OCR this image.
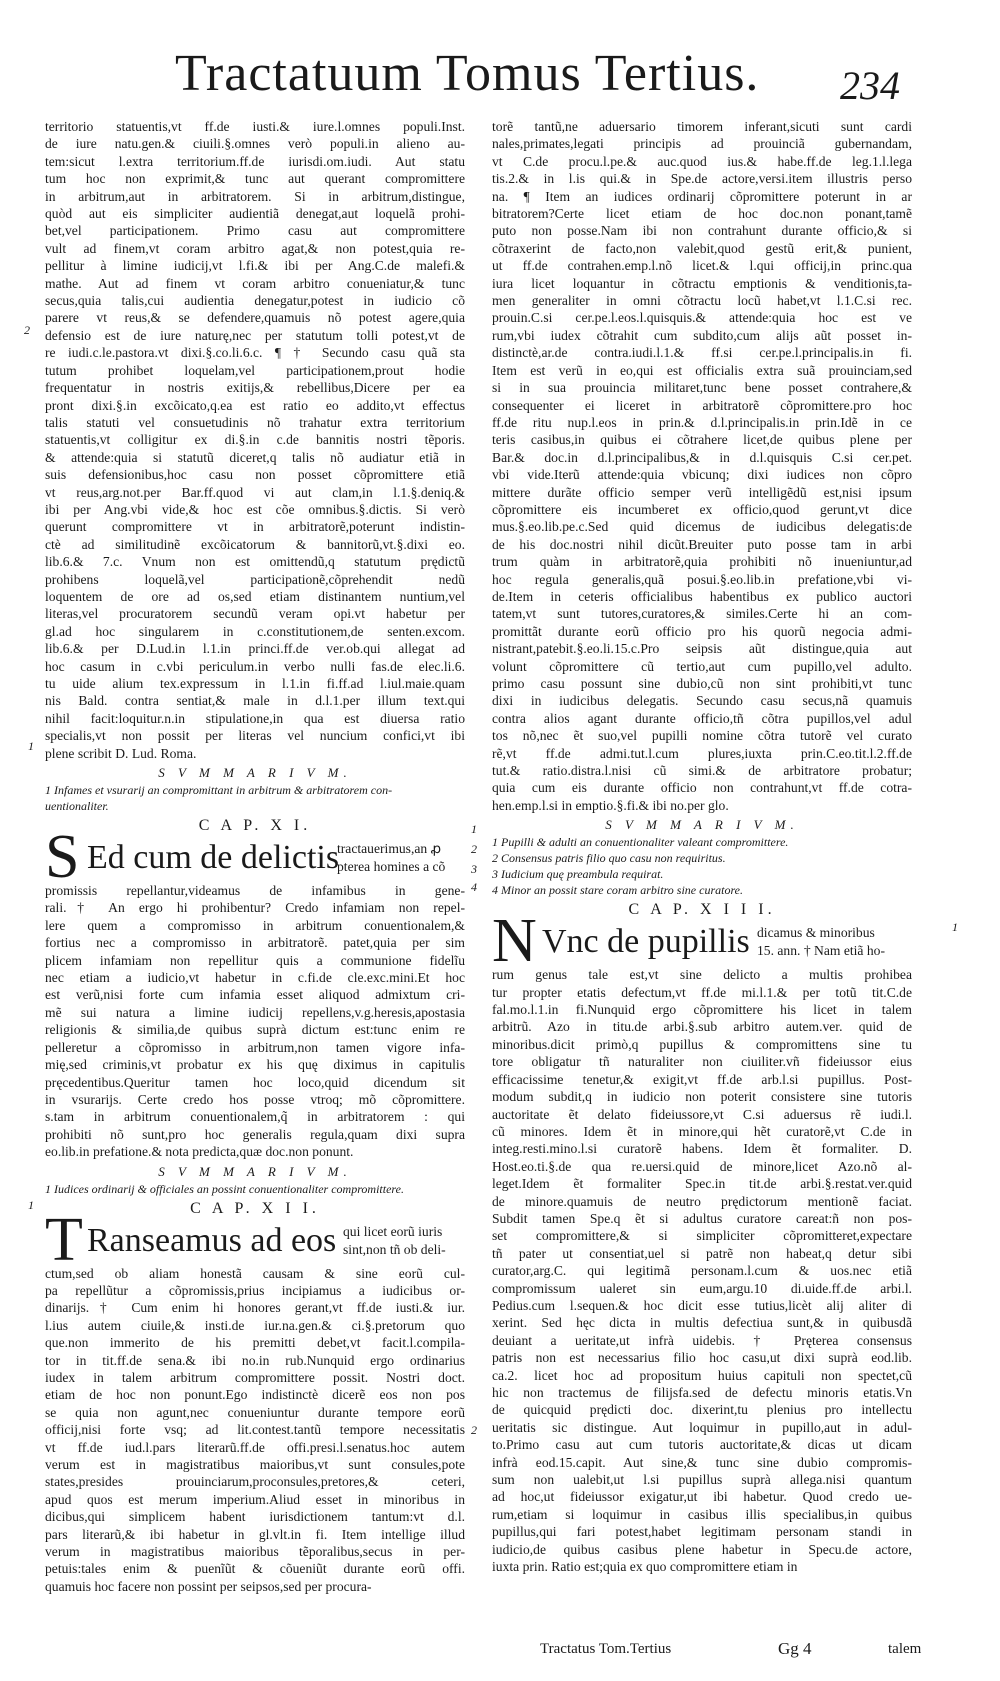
Tractatuum Tomus Tertius. 234
2
1
1
2
3
4
1
1
2
territorio statuentis,vt ff.de iusti.& iure.l.omnes populi.Inst.
de iure natu.gen.& ciuili.§.omnes verò populi.in alieno au-
tem:sicut l.extra territorium.ff.de iurisdi.om.iudi. Aut statu
tum hoc non exprimit,& tunc aut querant compromittere
in arbitrum,aut in arbitratorem. Si in arbitrum,distingue,
quòd aut eis simpliciter audientiã denegat,aut loquelã prohi-
bet,vel participationem. Primo casu aut compromittere
vult ad finem,vt coram arbitro agat,& non potest,quia re-
pellitur à limine iudicij,vt l.fi.& ibi per Ang.C.de malefi.&
mathe. Aut ad finem vt coram arbitro conueniatur,& tunc
secus,quia talis,cui audientia denegatur,potest in iudicio cõ
parere vt reus,& se defendere,quamuis nõ potest agere,quia
defensio est de iure naturę,nec per statutum tolli potest,vt de
re iudi.c.le.pastora.vt dixi.§.co.li.6.c. ¶ † Secundo casu quã sta
tutum prohibet loquelam,vel participationem,prout hodie
frequentatur in nostris exitijs,& rebellibus,Dicere per ea
pront dixi.§.in excõicato,q.ea est ratio eo addito,vt effectus
talis statuti vel consuetudinis nõ trahatur extra territorium
statuentis,vt colligitur ex di.§.in c.de bannitis nostri tẽporis.
& attende:quia si statutũ diceret,q talis nõ audiatur etiã in
suis defensionibus,hoc casu non posset cõpromittere etiã
vt reus,arg.not.per Bar.ff.quod vi aut clam,in l.1.§.deniq.&
ibi per Ang.vbi vide,& hoc est cõe omnibus.§.dictis. Si verò
querunt compromittere vt in arbitratorẽ,poterunt indistin-
ctè ad similitudinẽ excõicatorum & bannitorũ,vt.§.dixi eo.
lib.6.& 7.c. Vnum non est omittendũ,q statutum prędictũ
prohibens loquelã,vel participationẽ,cõprehendit nedũ
loquentem de ore ad os,sed etiam distinantem nuntium,vel
literas,vel procuratorem secundũ veram opi.vt habetur per
gl.ad hoc singularem in c.constitutionem,de senten.excom.
lib.6.& per D.Lud.in l.1.in princi.ff.de ver.ob.qui allegat ad
hoc casum in c.vbi periculum.in verbo nulli fas.de elec.li.6.
tu uide alium tex.expressum in l.1.in fi.ff.ad l.iul.maie.quam
nis Bald. contra sentiat,& male in d.l.1.per illum text.qui
nihil facit:loquitur.n.in stipulatione,in qua est diuersa ratio
specialis,vt non possit per literas vel nuncium confici,vt ibi
plene scribit D. Lud. Roma.
S V M M A R I V M.
1 Infames et vsurarij an compromittant in arbitrum & arbitratorem con-
uentionaliter.
C A P. X I.
S Ed cum de delictis
tractauerimus,an ꝓ
pterea homines a cõ
promissis repellantur,videamus de infamibus in gene-
rali.† An ergo hi prohibentur? Credo infamiam non repel-
lere quem a compromisso in arbitrum conuentionalem,&
fortius nec a compromisso in arbitratorẽ. patet,quia per sim
plicem infamiam non repellitur quis a communione fidelĩu
nec etiam a iudicio,vt habetur in c.fi.de cle.exc.mini.Et hoc
est verũ,nisi forte cum infamia esset aliquod admixtum cri-
mẽ sui natura a limine iudicij repellens,v.g.heresis,apostasia
religionis & similia,de quibus suprà dictum est:tunc enim re
pelleretur a cõpromisso in arbitrum,non tamen vigore infa-
mię,sed criminis,vt probatur ex his quę diximus in capitulis
pręcedentibus.Queritur tamen hoc loco,quid dicendum sit
in vsurarijs. Certe credo hos posse vtroq; mõ cõpromittere.
s.tam in arbitrum conuentionalem,q̃ in arbitratorem : qui
prohibiti nõ sunt,pro hoc generalis regula,quam dixi supra
eo.lib.in prefatione.& nota predicta,quæ doc.non ponunt.
S V M M A R I V M.
1 Iudices ordinarij & officiales an possint conuentionaliter compromittere.
C A P. X I I.
T Ranseamus ad eos qui licet eorũ iuris
sint,non tñ ob deli-
ctum,sed ob aliam honestã causam & sine eorũ cul-
pa repellũtur a cõpromissis,prius incipiamus a iudicibus or-
dinarijs.† Cum enim hi honores gerant,vt ff.de iusti.& iur.
l.ius autem ciuile,& insti.de iur.na.gen.& ci.§.pretorum quo
que.non immerito de his premitti debet,vt facit.l.compila-
tor in tit.ff.de sena.& ibi no.in rub.Nunquid ergo ordinarius
iudex in talem arbitrum compromittere possit. Nostri doct.
etiam de hoc non ponunt.Ego indistinctè dicerẽ eos non pos
se quia non agunt,nec conueniuntur durante tempore eorũ
officij,nisi forte vsq; ad lit.contest.tantũ tempore necessitatis
vt ff.de iud.l.pars literarũ.ff.de offi.presi.l.senatus.hoc autem
verum est in magistratibus maioribus,vt sunt consules,pote
states,presides prouinciarum,proconsules,pretores,& ceteri,
apud quos est merum imperium.Aliud esset in minoribus in
dicibus,qui simplicem habent iurisdictionem tantum:vt d.l.
pars literarũ,& ibi habetur in gl.vlt.in fi. Item intellige illud
verum in magistratibus maioribus tẽporalibus,secus in per-
petuis:tales enim & puenĩũt & cõueniũt durante eorũ offi.
quamuis hoc facere non possint per seipsos,sed per procura-
torẽ tantũ,ne aduersario timorem inferant,sicuti sunt cardi
nales,primates,legati principis ad prouinciã gubernandam,
vt C.de procu.l.pe.& auc.quod ius.& habe.ff.de leg.1.l.lega
tis.2.& in l.is qui.& in Spe.de actore,versi.item illustris perso
na. ¶ Item an iudices ordinarij cõpromittere poterunt in ar
bitratorem?Certe licet etiam de hoc doc.non ponant,tamẽ
puto non posse.Nam ibi non contrahunt durante officio,& si
cõtraxerint de facto,non valebit,quod gestũ erit,& punient,
ut ff.de contrahen.emp.l.nõ licet.& l.qui officij,in princ.qua
iura licet loquantur in cõtractu emptionis & venditionis,ta-
men generaliter in omni cõtractu locũ habet,vt l.1.C.si rec.
prouin.C.si cer.pe.l.eos.l.quisquis.& attende:quia hoc est ve
rum,vbi iudex cõtrahit cum subdito,cum alijs aũt posset in-
distinctè,ar.de contra.iudi.l.1.& ff.si cer.pe.l.principalis.in fi.
Item est verũ in eo,qui est officialis extra suã prouinciam,sed
si in sua prouincia militaret,tunc bene posset contrahere,&
consequenter ei liceret in arbitratorẽ cõpromittere.pro hoc
ff.de ritu nup.l.eos in prin.& d.l.principalis.in prin.Idẽ in ce
teris casibus,in quibus ei cõtrahere licet,de quibus plene per
Bar.& doc.in d.l.principalibus,& in d.l.quisquis C.si cer.pet.
vbi vide.Iterũ attende:quia vbicunq; dixi iudices non cõpro
mittere durãte officio semper verũ intelligẽdũ est,nisi ipsum
cõpromittere eis incumberet ex officio,quod gerunt,vt dice
mus.§.eo.lib.pe.c.Sed quid dicemus de iudicibus delegatis:de
de his doc.nostri nihil dicũt.Breuiter puto posse tam in arbi
trum quàm in arbitratorẽ,quia prohibiti nõ inueniuntur,ad
hoc regula generalis,quã posui.§.eo.lib.in prefatione,vbi vi-
de.Item in ceteris officialibus habentibus ex publico auctori
tatem,vt sunt tutores,curatores,& similes.Certe hi an com-
promittãt durante eorũ officio pro his quorũ negocia admi-
nistrant,patebit.§.eo.li.15.c.Pro seipsis aũt distingue,quia aut
volunt cõpromittere cũ tertio,aut cum pupillo,vel adulto.
primo casu possunt sine dubio,cũ non sint prohibiti,vt tunc
dixi in iudicibus delegatis. Secundo casu secus,nã quamuis
contra alios agant durante officio,tñ cõtra pupillos,vel adul
tos nõ,nec ẽt suo,vel pupilli nomine cõtra tutorẽ vel curato
rẽ,vt ff.de admi.tut.l.cum plures,iuxta prin.C.eo.tit.l.2.ff.de
tut.& ratio.distra.l.nisi cũ simi.& de arbitratore probatur;
quia cum eis durante officio non contrahunt,vt ff.de cotra-
hen.emp.l.si in emptio.§.fi.& ibi no.per glo.
S V M M A R I V M.
1 Pupilli & adulti an conuentionaliter valeant compromittere.
2 Consensus patris filio quo casu non requiritus.
3 Iudicium quę preambula requirat.
4 Minor an possit stare coram arbitro sine curatore.
C A P. X I I I.
N Vnc de pupillis dicamus & minoribus
15. ann. † Nam etiã ho-
rum genus tale est,vt sine delicto a multis prohibea
tur propter etatis defectum,vt ff.de mi.l.1.& per totũ tit.C.de
fal.mo.l.1.in fi.Nunquid ergo cõpromittere his licet in talem
arbitrũ. Azo in titu.de arbi.§.sub arbitro autem.ver. quid de
minoribus.dicit primò,q pupillus & compromittens sine tu
tore obligatur tñ naturaliter non ciuiliter.vñ fideiussor eius
efficacissime tenetur,& exigit,vt ff.de arb.l.si pupillus. Post-
modum subdit,q in iudicio non poterit consistere sine tutoris
auctoritate ẽt delato fideiussore,vt C.si aduersus rẽ iudi.l.
cũ minores. Idem ẽt in minore,qui hẽt curatorẽ,vt C.de in
integ.resti.mino.l.si curatorẽ habens. Idem ẽt formaliter. D.
Host.eo.ti.§.de qua re.uersi.quid de minore,licet Azo.nõ al-
leget.Idem ẽt formaliter Spec.in tit.de arbi.§.restat.ver.quid
de minore.quamuis de neutro prędictorum mentionẽ faciat.
Subdit tamen Spe.q ẽt si adultus curatore careat:ñ non pos-
set compromittere,& si simpliciter cõpromitteret,expectare
tñ pater ut consentiat,uel si patrẽ non habeat,q detur sibi
curator,arg.C. qui legitimã personam.l.cum & uos.nec etiã
compromissum ualeret sin eum,argu.10 di.uide.ff.de arbi.l.
Pedius.cum l.sequen.& hoc dicit esse tutius,licèt alij aliter di
xerint. Sed hęc dicta in multis defectiua sunt,& in quibusdã
deuiant a ueritate,ut infrà uidebis. † Pręterea consensus
patris non est necessarius filio hoc casu,ut dixi suprà eod.lib.
ca.2. licet hoc ad propositum huius capituli non spectet,cũ
hic non tractemus de filijsfa.sed de defectu minoris etatis.Vn
de quicquid prędicti doc. dixerint,tu plenius pro intellectu
ueritatis sic distingue. Aut loquimur in pupillo,aut in adul-
to.Primo casu aut cum tutoris auctoritate,& dicas ut dicam
infrà eod.15.capit. Aut sine,& tunc sine dubio compromis-
sum non ualebit,ut l.si pupillus suprà allega.nisi quantum
ad hoc,ut fideiussor exigatur,ut ibi habetur. Quod credo ue-
rum,etiam si loquimur in casibus illis specialibus,in quibus
pupillus,qui fari potest,habet legitimam personam standi in
iudicio,de quibus casibus plene habetur in Specu.de actore,
iuxta prin. Ratio est;quia ex quo compromittere etiam in
Tractatus Tom.Tertius	Gg 4	talem
